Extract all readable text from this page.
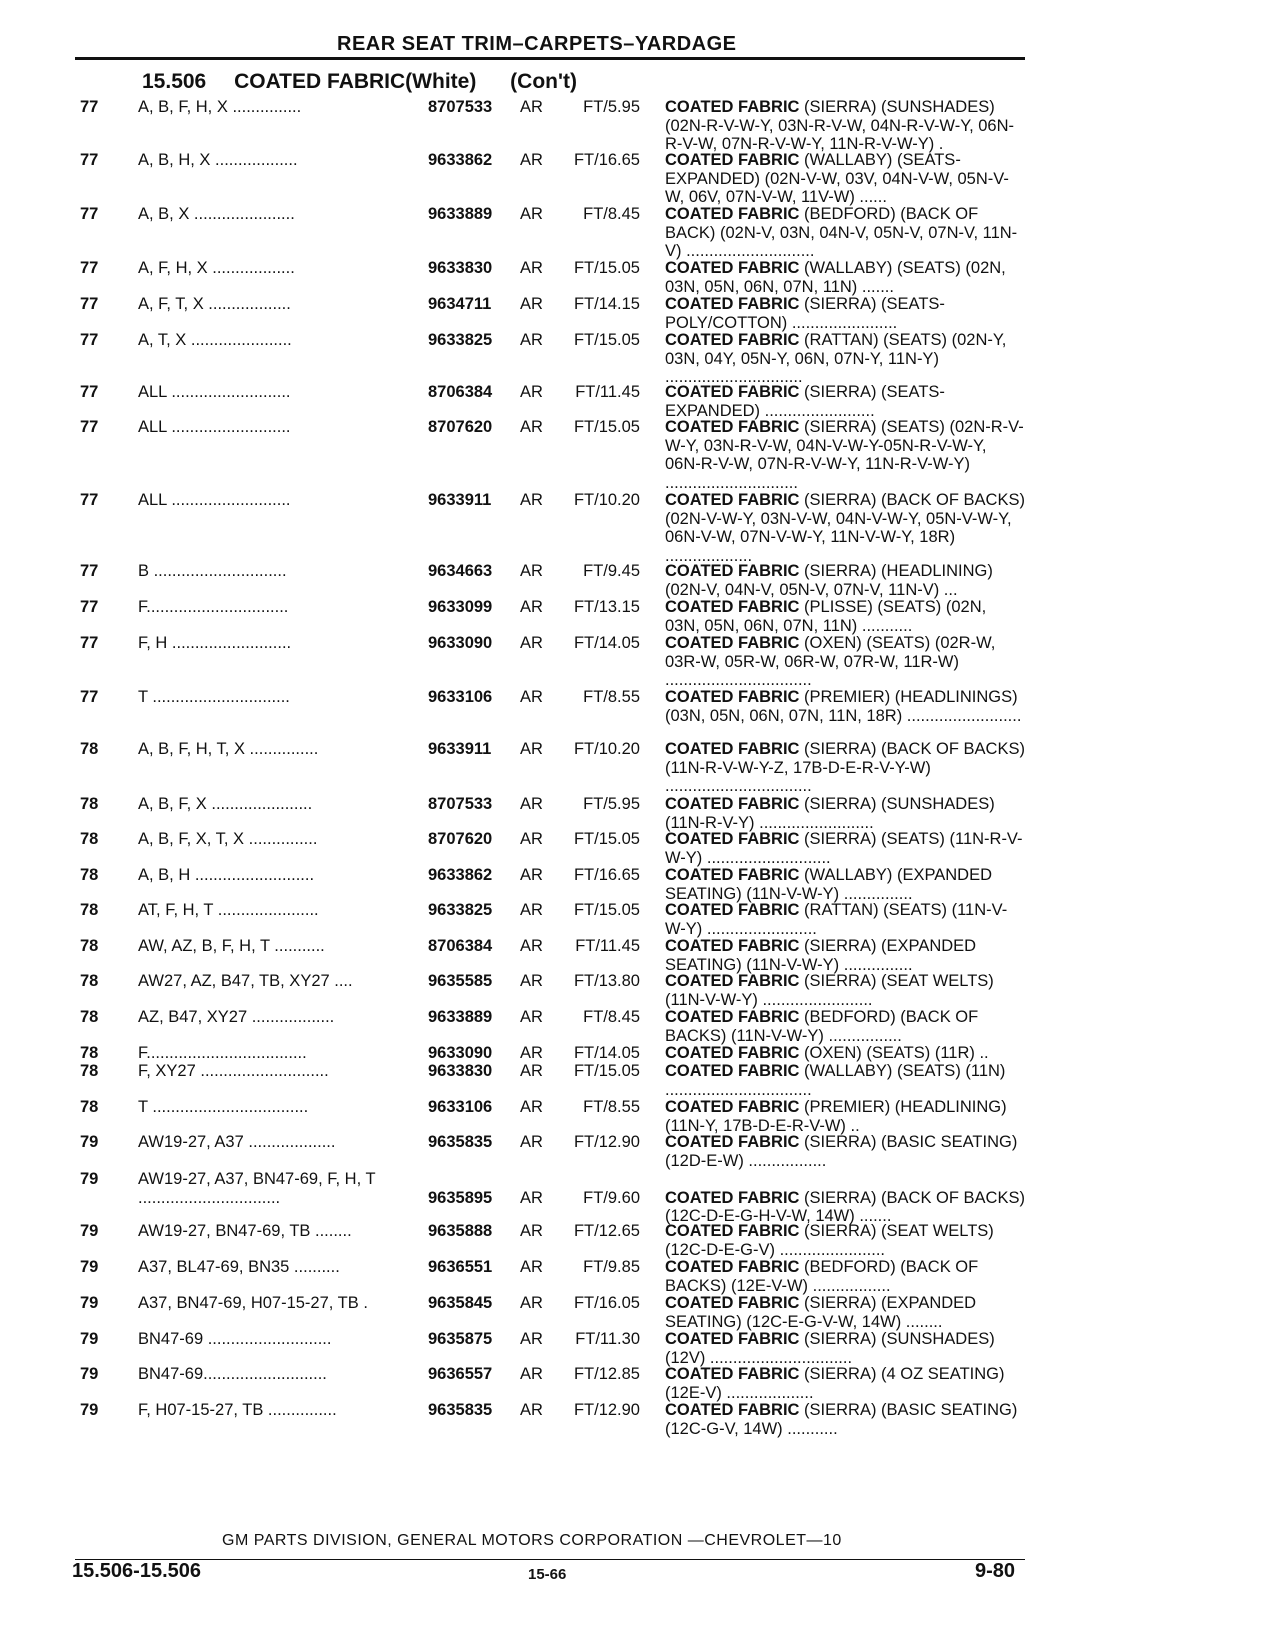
REAR SEAT TRIM–CARPETS–YARDAGE
15.506 COATED FABRIC(White) (Con't)
77	A, B, F, H, X ...............	8707533	AR	FT/5.95 COATED FABRIC (SIERRA) (SUNSHADES) (02N-R-V-W-Y, 03N-R-V-W, 04N-R-V-W-Y, 06N-R-V-W, 07N-R-V-W-Y, 11N-R-V-W-Y) .
77	A, B, H, X ..................	9633862	AR	FT/16.65 COATED FABRIC (WALLABY) (SEATS-EXPANDED) (02N-V-W, 03V, 04N-V-W, 05N-V-W, 06V, 07N-V-W, 11V-W) ......
77	A, B, X ......................	9633889	AR	FT/8.45 COATED FABRIC (BEDFORD) (BACK OF BACK) (02N-V, 03N, 04N-V, 05N-V, 07N-V, 11N-V) ............................
77	A, F, H, X ..................	9633830	AR	FT/15.05 COATED FABRIC (WALLABY) (SEATS) (02N, 03N, 05N, 06N, 07N, 11N) .......
77	A, F, T, X ..................	9634711	AR	FT/14.15 COATED FABRIC (SIERRA) (SEATS-POLY/COTTON) .......................
77	A, T, X ......................	9633825	AR	FT/15.05 COATED FABRIC (RATTAN) (SEATS) (02N-Y, 03N, 04Y, 05N-Y, 06N, 07N-Y, 11N-Y) ..............................
77	ALL ..........................	8706384	AR	FT/11.45 COATED FABRIC (SIERRA) (SEATS-EXPANDED) ........................
77	ALL ..........................	8707620	AR	FT/15.05 COATED FABRIC (SIERRA) (SEATS) (02N-R-V-W-Y, 03N-R-V-W, 04N-V-W-Y-05N-R-V-W-Y, 06N-R-V-W, 07N-R-V-W-Y, 11N-R-V-W-Y) .............................
77	ALL ..........................	9633911	AR	FT/10.20 COATED FABRIC (SIERRA) (BACK OF BACKS) (02N-V-W-Y, 03N-V-W, 04N-V-W-Y, 05N-V-W-Y, 06N-V-W, 07N-V-W-Y, 11N-V-W-Y, 18R) ...................
77	B .............................	9634663	AR	FT/9.45 COATED FABRIC (SIERRA) (HEADLINING) (02N-V, 04N-V, 05N-V, 07N-V, 11N-V) ...
77	F...............................	9633099	AR	FT/13.15 COATED FABRIC (PLISSE) (SEATS) (02N, 03N, 05N, 06N, 07N, 11N) ...........
77	F, H ..........................	9633090	AR	FT/14.05 COATED FABRIC (OXEN) (SEATS) (02R-W, 03R-W, 05R-W, 06R-W, 07R-W, 11R-W) ................................
77	T ..............................	9633106	AR	FT/8.55 COATED FABRIC (PREMIER) (HEADLININGS) (03N, 05N, 06N, 07N, 11N, 18R) .........................
78	A, B, F, H, T, X ...............	9633911	AR	FT/10.20 COATED FABRIC (SIERRA) (BACK OF BACKS) (11N-R-V-W-Y-Z, 17B-D-E-R-V-Y-W) ................................
78	A, B, F, X ......................	8707533	AR	FT/5.95 COATED FABRIC (SIERRA) (SUNSHADES) (11N-R-V-Y) .........................
78	A, B, F, X, T, X ...............	8707620	AR	FT/15.05 COATED FABRIC (SIERRA) (SEATS) (11N-R-V-W-Y) ...........................
78	A, B, H ..........................	9633862	AR	FT/16.65 COATED FABRIC (WALLABY) (EXPANDED SEATING) (11N-V-W-Y) ...............
78	AT, F, H, T ......................	9633825	AR	FT/15.05 COATED FABRIC (RATTAN) (SEATS) (11N-V-W-Y) ........................
78	AW, AZ, B, F, H, T ...........	8706384	AR	FT/11.45 COATED FABRIC (SIERRA) (EXPANDED SEATING) (11N-V-W-Y) ...............
78	AW27, AZ, B47, TB, XY27 ....	9635585	AR	FT/13.80 COATED FABRIC (SIERRA) (SEAT WELTS) (11N-V-W-Y) ........................
78	AZ, B47, XY27 ..................	9633889	AR	FT/8.45 COATED FABRIC (BEDFORD) (BACK OF BACKS) (11N-V-W-Y) ................
78	F...................................	9633090	AR	FT/14.05 COATED FABRIC (OXEN) (SEATS) (11R) ..
78	F, XY27 ............................	9633830	AR	FT/15.05 COATED FABRIC (WALLABY) (SEATS) (11N) ................................
78	T ..................................	9633106	AR	FT/8.55 COATED FABRIC (PREMIER) (HEADLINING) (11N-Y, 17B-D-E-R-V-W) ..
79	AW19-27, A37 ...................	9635835	AR	FT/12.90 COATED FABRIC (SIERRA) (BASIC SEATING) (12D-E-W) .................
79	AW19-27, A37, BN47-69, F, H, T ...............................	9635895	AR	FT/9.60 COATED FABRIC (SIERRA) (BACK OF BACKS) (12C-D-E-G-H-V-W, 14W) .......
79	AW19-27, BN47-69, TB ........	9635888	AR	FT/12.65 COATED FABRIC (SIERRA) (SEAT WELTS) (12C-D-E-G-V) .......................
79	A37, BL47-69, BN35 ..........	9636551	AR	FT/9.85 COATED FABRIC (BEDFORD) (BACK OF BACKS) (12E-V-W) .................
79	A37, BN47-69, H07-15-27, TB .	9635845	AR	FT/16.05 COATED FABRIC (SIERRA) (EXPANDED SEATING) (12C-E-G-V-W, 14W) ........
79	BN47-69 ...........................	9635875	AR	FT/11.30 COATED FABRIC (SIERRA) (SUNSHADES) (12V) ...............................
79	BN47-69...........................	9636557	AR	FT/12.85 COATED FABRIC (SIERRA) (4 OZ SEATING) (12E-V) ...................
79	F, H07-15-27, TB ...............	9635835	AR	FT/12.90 COATED FABRIC (SIERRA) (BASIC SEATING) (12C-G-V, 14W) ...........
GM PARTS DIVISION, GENERAL MOTORS CORPORATION —CHEVROLET—10
15.506-15.506	15-66	9-80
